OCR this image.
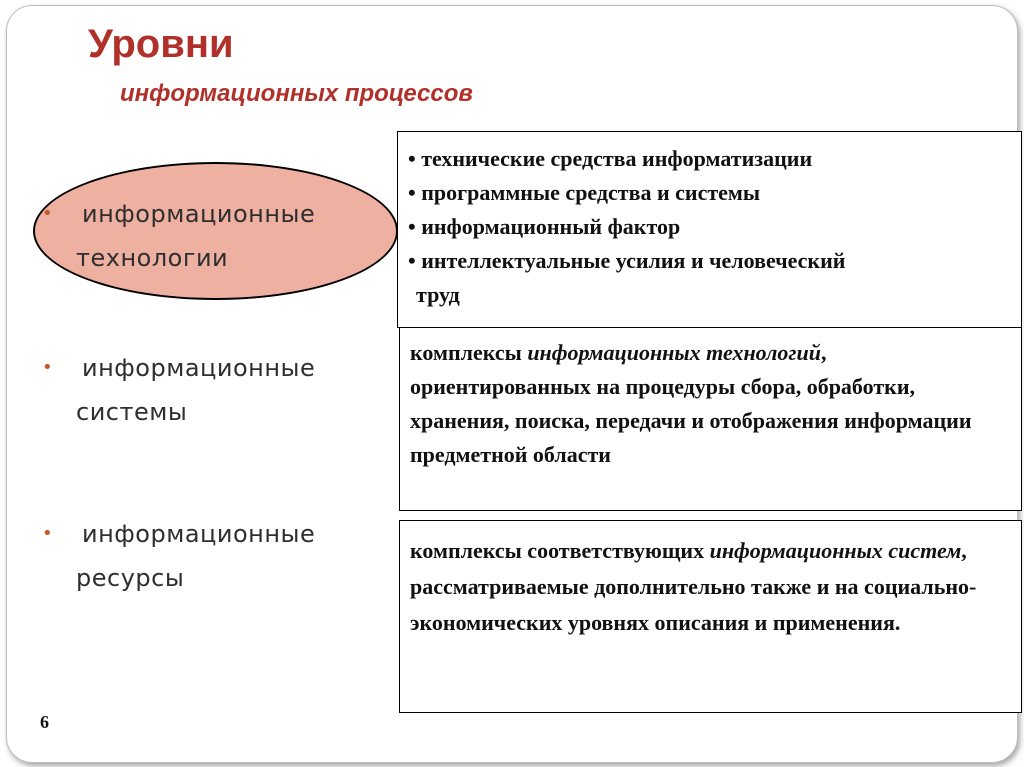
Уровни
информационных процессов
•	информационные
технологии
•	информационные
системы
•	информационные
ресурсы
• технические средства информатизации
• программные средства и системы
• информационный фактор
• интеллектуальные усилия и человеческий
труд
комплексы информационных технологий, ориентированных на процедуры сбора, обработки, хранения, поиска, передачи и отображения информации предметной области
комплексы соответствующих информационных систем, рассматриваемые дополнительно также и на социально-экономических уровнях описания и применения.
6
